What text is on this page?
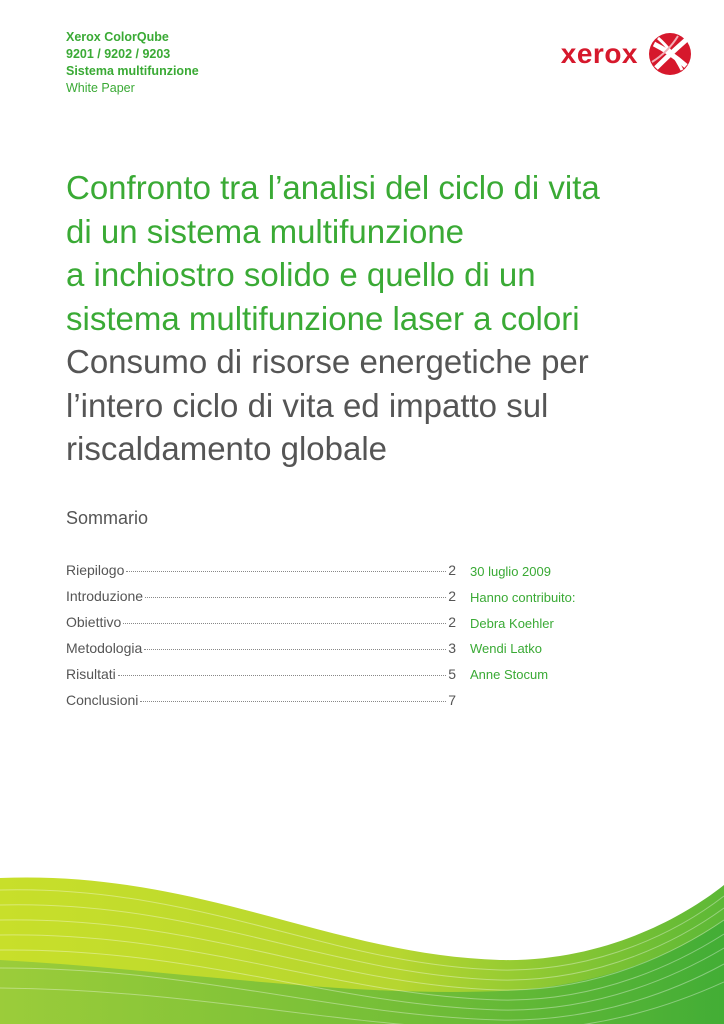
Xerox ColorQube
9201 / 9202 / 9203
Sistema multifunzione
White Paper
xerox
Confronto tra l’analisi del ciclo di vita
di un sistema multifunzione
a inchiostro solido e quello di un
sistema multifunzione laser a colori
Consumo di risorse energetiche per
l’intero ciclo di vita ed impatto sul
riscaldamento globale
Sommario
Riepilogo	2
Introduzione	2
Obiettivo	2
Metodologia	3
Risultati	5
Conclusioni	7
30 luglio 2009
Hanno contribuito:
Debra Koehler
Wendi Latko
Anne Stocum
